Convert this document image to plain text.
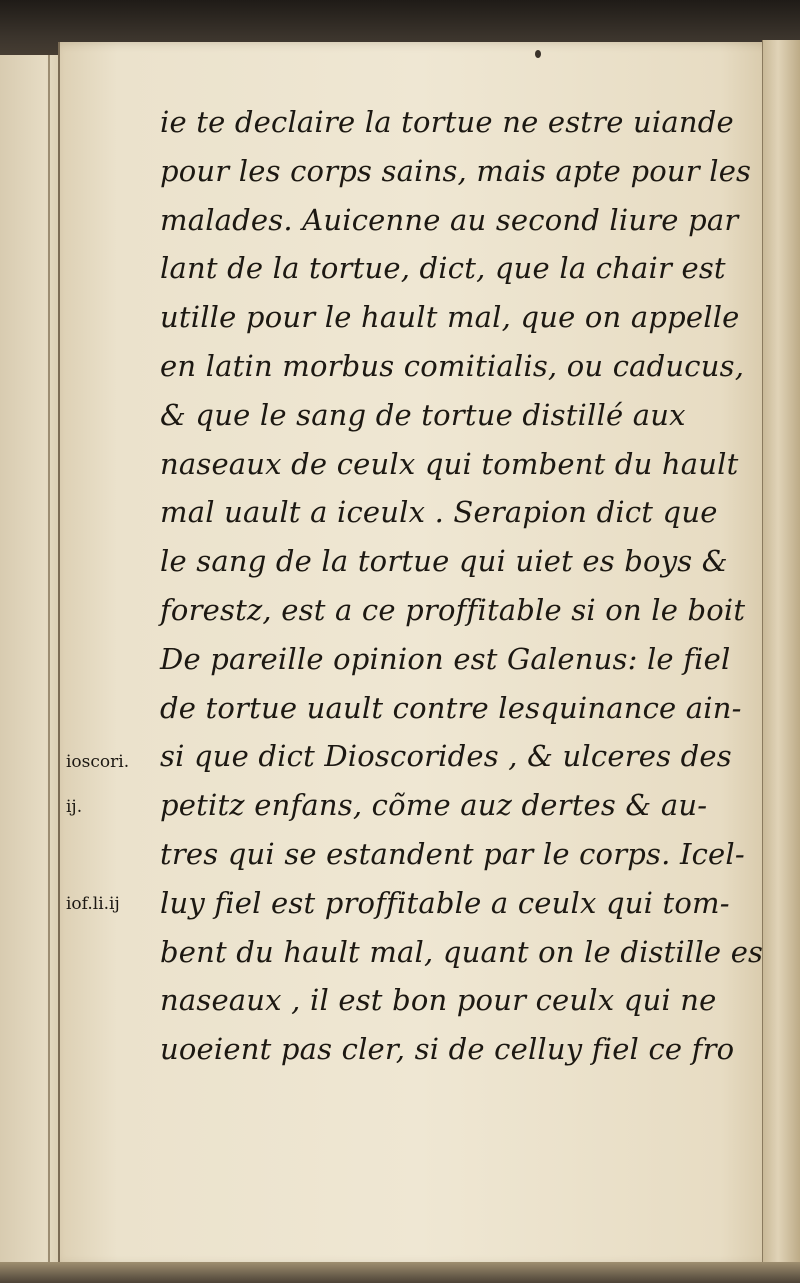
ie te declaire la tortue ne estre uiande
pour les corps sains, mais apte pour les
malades. Auicenne au second liure par
lant de la tortue, dict, que la chair est
utille pour le hault mal, que on appelle
en latin morbus comitialis, ou caducus,
& que le sang de tortue distillé aux
naseaux de ceulx qui tombent du hault
mal uault a iceulx . Serapion dict que
le sang de la tortue qui uiet es boys &
forestz, est a ce proffitable si on le boit
De pareille opinion est Galenus: le fiel
de tortue uault contre lesquinance ain-
si que dict Dioscorides , & ulceres des
petitz enfans, cõme auz dertes & au-
tres qui se estandent par le corps. Icel-
luy fiel est proffitable a ceulx qui tom-
bent du hault mal, quant on le distille es
naseaux , il est bon pour ceulx qui ne
uoeient pas cler, si de celluy fiel ce fro
ioscori.
ij.
iof.li.ij
